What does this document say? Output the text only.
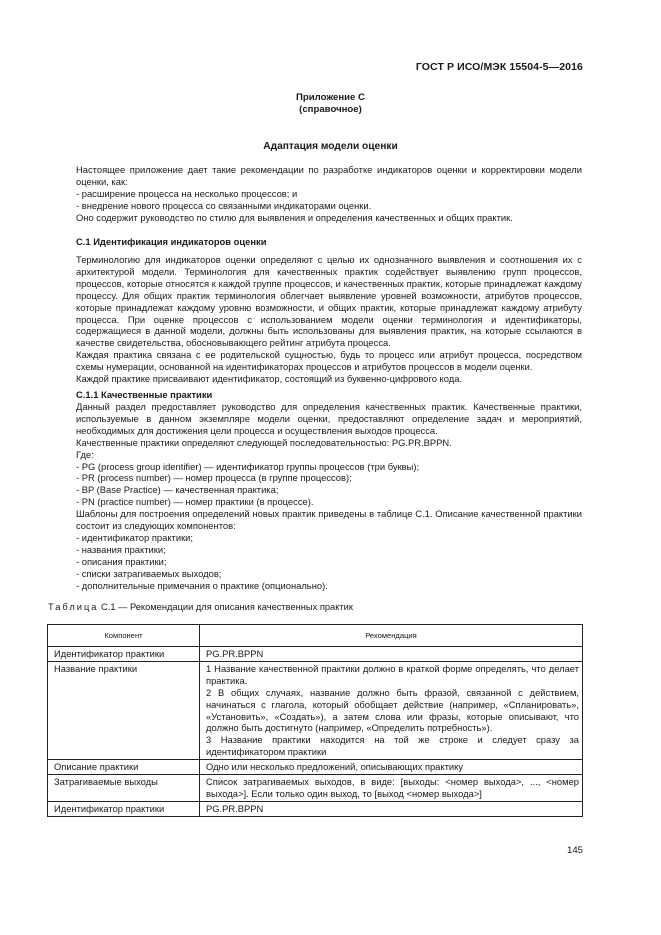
ГОСТ Р ИСО/МЭК 15504-5—2016
Приложение С
(справочное)
Адаптация модели оценки

Настоящее приложение дает такие рекомендации по разработке индикаторов оценки и корректировки модели оценки, как:

- расширение процесса на несколько процессов; и

- внедрение нового процесса со связанными индикаторами оценки.

Оно содержит руководство по стилю для выявления и определения качественных и общих практик.

С.1 Идентификация индикаторов оценки

Терминологию для индикаторов оценки определяют с целью их однозначного выявления и соотношения их с архитектурой модели. Терминология для качественных практик содействует выявлению групп процессов, процессов, которые относятся к каждой группе процессов, и качественных практик, которые принадлежат каждому процессу. Для общих практик терминология облегчает выявление уровней возможности, атрибутов процессов, которые принадлежат каждому уровню возможности, и общих практик, которые принадлежат каждому атрибуту процесса. При оценке процессов с использованием модели оценки терминология и идентификаторы, содержащиеся в данной модели, должны быть использованы для выявления практик, на которые ссылаются в качестве свидетельства, обосновывающего рейтинг атрибута процесса.

Каждая практика связана с ее родительской сущностью, будь то процесс или атрибут процесса, посредством схемы нумерации, основанной на идентификаторах процессов и атрибутов процессов в модели оценки.

Каждой практике присваивают идентификатор, состоящий из буквенно-цифрового кода.

С.1.1 Качественные практики

Данный раздел предоставляет руководство для определения качественных практик. Качественные практики, используемые в данном экземпляре модели оценки, предоставляют определение задач и мероприятий, необходимых для достижения цели процесса и осуществления выходов процесса.

Качественные практики определяют следующей последовательностью: PG.PR.BPPN.

Где:

- PG (process group identifier) — идентификатор группы процессов (три буквы);

- PR (process number) — номер процесса (в группе процессов);

- BP (Base Practice) — качественная практика;

- PN (practice number) — номер практики (в процессе).

Шаблоны для построения определений новых практик приведены в таблице С.1. Описание качественной практики состоит из следующих компонентов:

- идентификатор практики;

- названия практики;

- описания практики;

- списки затрагиваемых выходов;

- дополнительные примечания о практике (опционально).

Таблица С.1 — Рекомендации для описания качественных практик
Компонент	Рекомендация
Идентификатор практики	PG.PR.BPPN
Название практики	1 Название качественной практики должно в краткой форме определять, что делает практика.
2 В общих случаях, название должно быть фразой, связанной с действием, начинаться с глагола, который обобщает действие (например, «Спланировать», «Установить», «Создать»), а затем слова или фразы, которые описывают, что должно быть достигнуто (например, «Определить потребность»).
3 Название практики находится на той же строке и следует сразу за идентификатором практики

Описание практики	Одно или несколько предложений, описывающих практику
Затрагиваемые выходы	Список затрагиваемых выходов, в виде: [выходы: <номер выхода>, ..., <номер выхода>]. Если только один выход, то [выход <номер выхода>]
Идентификатор практики	PG.PR.BPPN
145
